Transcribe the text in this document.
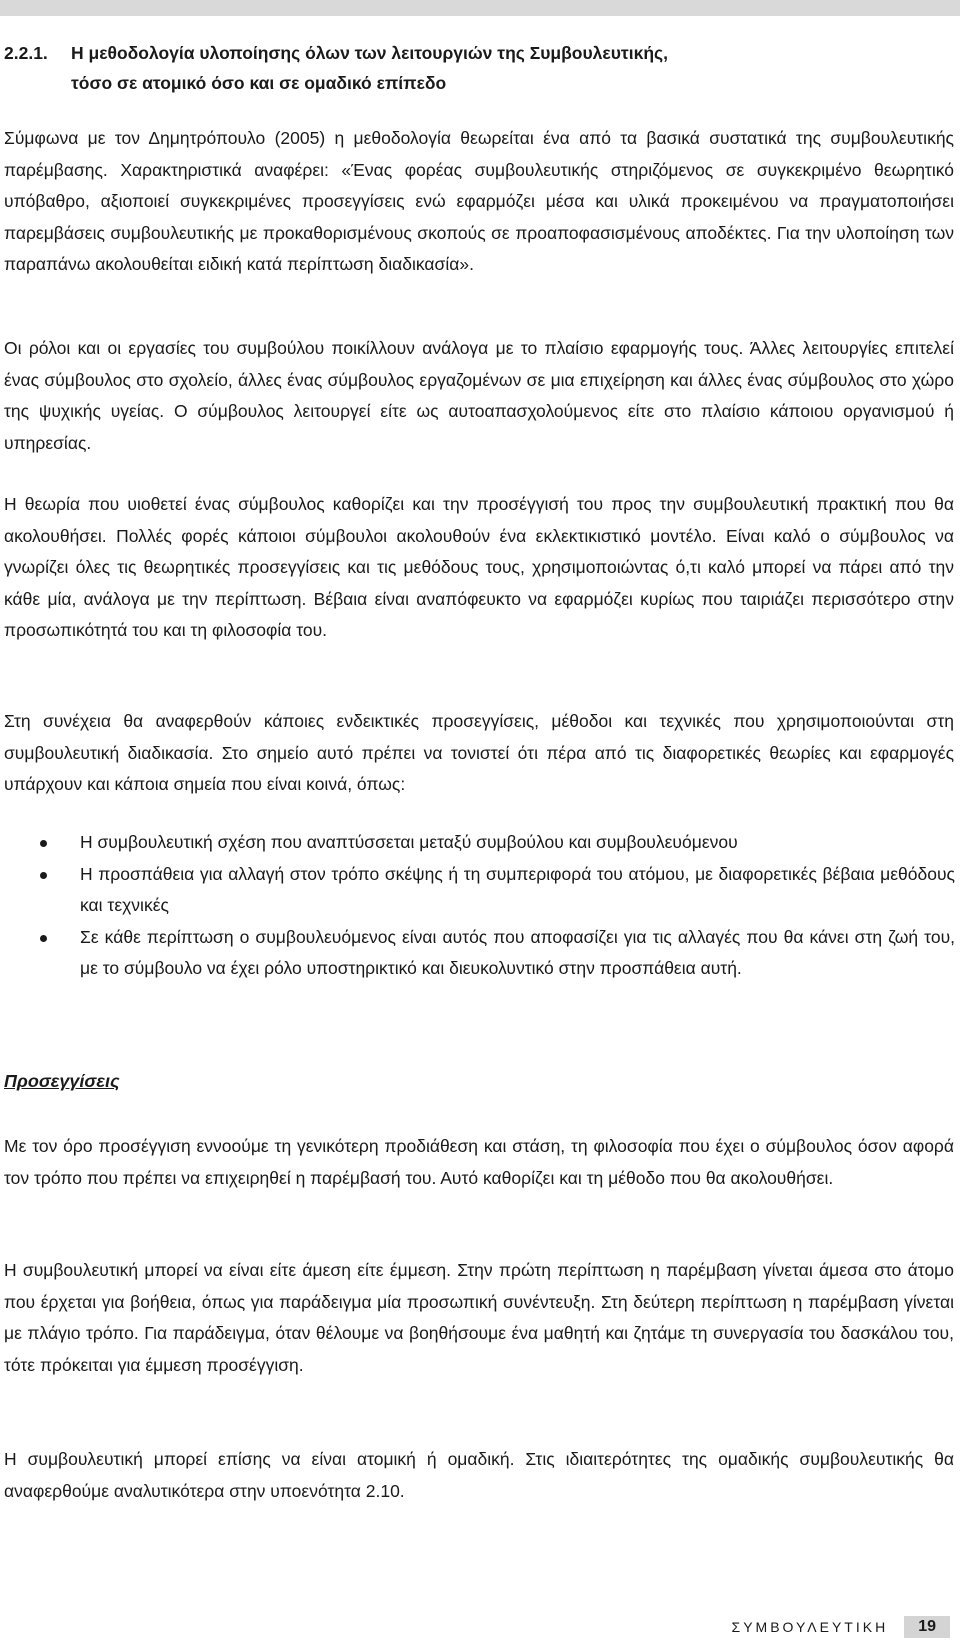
2.2.1. Η μεθοδολογία υλοποίησης όλων των λειτουργιών της Συμβουλευτικής,
τόσο σε ατομικό όσο και σε ομαδικό επίπεδο

Σύμφωνα με τον Δημητρόπουλο (2005) η μεθοδολογία θεωρείται ένα από τα βασικά συστατικά της συμβουλευτικής παρέμβασης. Χαρακτηριστικά αναφέρει: «Ένας φορέας συμβουλευτικής στηριζόμενος σε συγκεκριμένο θεωρητικό υπόβαθρο, αξιοποιεί συγκεκριμένες προσεγγίσεις ενώ εφαρμόζει μέσα και υλικά προκειμένου να πραγματοποιήσει παρεμβάσεις συμβουλευτικής με προκαθορισμένους σκοπούς σε προαποφασισμένους αποδέκτες. Για την υλοποίηση των παραπάνω ακολουθείται ειδική κατά περίπτωση διαδικασία».

Οι ρόλοι και οι εργασίες του συμβούλου ποικίλλουν ανάλογα με το πλαίσιο εφαρμογής τους. Άλλες λειτουργίες επιτελεί ένας σύμβουλος στο σχολείο, άλλες ένας σύμβουλος εργαζομένων σε μια επιχείρηση και άλλες ένας σύμβουλος στο χώρο της ψυχικής υγείας. Ο σύμβουλος λειτουργεί είτε ως αυτοαπασχολούμενος είτε στο πλαίσιο κάποιου οργανισμού ή υπηρεσίας.

Η θεωρία που υιοθετεί ένας σύμβουλος καθορίζει και την προσέγγισή του προς την συμβουλευτική πρακτική που θα ακολουθήσει. Πολλές φορές κάποιοι σύμβουλοι ακολουθούν ένα εκλεκτικιστικό μοντέλο. Είναι καλό ο σύμβουλος να γνωρίζει όλες τις θεωρητικές προσεγγίσεις και τις μεθόδους τους, χρησιμοποιώντας ό,τι καλό μπορεί να πάρει από την κάθε μία, ανάλογα με την περίπτωση. Βέβαια είναι αναπόφευκτο να εφαρμόζει κυρίως που ταιριάζει περισσότερο στην προσωπικότητά του και τη φιλοσοφία του.

Στη συνέχεια θα αναφερθούν κάποιες ενδεικτικές προσεγγίσεις, μέθοδοι και τεχνικές που χρησιμοποιούνται στη συμβουλευτική διαδικασία. Στο σημείο αυτό πρέπει να τονιστεί ότι πέρα από τις διαφορετικές θεωρίες και εφαρμογές υπάρχουν και κάποια σημεία που είναι κοινά, όπως:

Η συμβουλευτική σχέση που αναπτύσσεται μεταξύ συμβούλου και συμβουλευόμενου
Η προσπάθεια για αλλαγή στον τρόπο σκέψης ή τη συμπεριφορά του ατόμου, με διαφορετικές βέβαια μεθόδους και τεχνικές
Σε κάθε περίπτωση ο συμβουλευόμενος είναι αυτός που αποφασίζει για τις αλλαγές που θα κάνει στη ζωή του, με το σύμβουλο να έχει ρόλο υποστηρικτικό και διευκολυντικό στην προσπάθεια αυτή.
Προσεγγίσεις

Με τον όρο προσέγγιση εννοούμε τη γενικότερη προδιάθεση και στάση, τη φιλοσοφία που έχει ο σύμβουλος όσον αφορά τον τρόπο που πρέπει να επιχειρηθεί η παρέμβασή του. Αυτό καθορίζει και τη μέθοδο που θα ακολουθήσει.

Η συμβουλευτική μπορεί να είναι είτε άμεση είτε έμμεση. Στην πρώτη περίπτωση η παρέμβαση γίνεται άμεσα στο άτομο που έρχεται για βοήθεια, όπως για παράδειγμα μία προσωπική συνέντευξη. Στη δεύτερη περίπτωση η παρέμβαση γίνεται με πλάγιο τρόπο. Για παράδειγμα, όταν θέλουμε να βοηθήσουμε ένα μαθητή και ζητάμε τη συνεργασία του δασκάλου του, τότε πρόκειται για έμμεση προσέγγιση.

Η συμβουλευτική μπορεί επίσης να είναι ατομική ή ομαδική. Στις ιδιαιτερότητες της ομαδικής συμβουλευτικής θα αναφερθούμε αναλυτικότερα στην υποενότητα 2.10.

ΣΥΜΒΟΥΛΕΥΤΙΚΗ	19
